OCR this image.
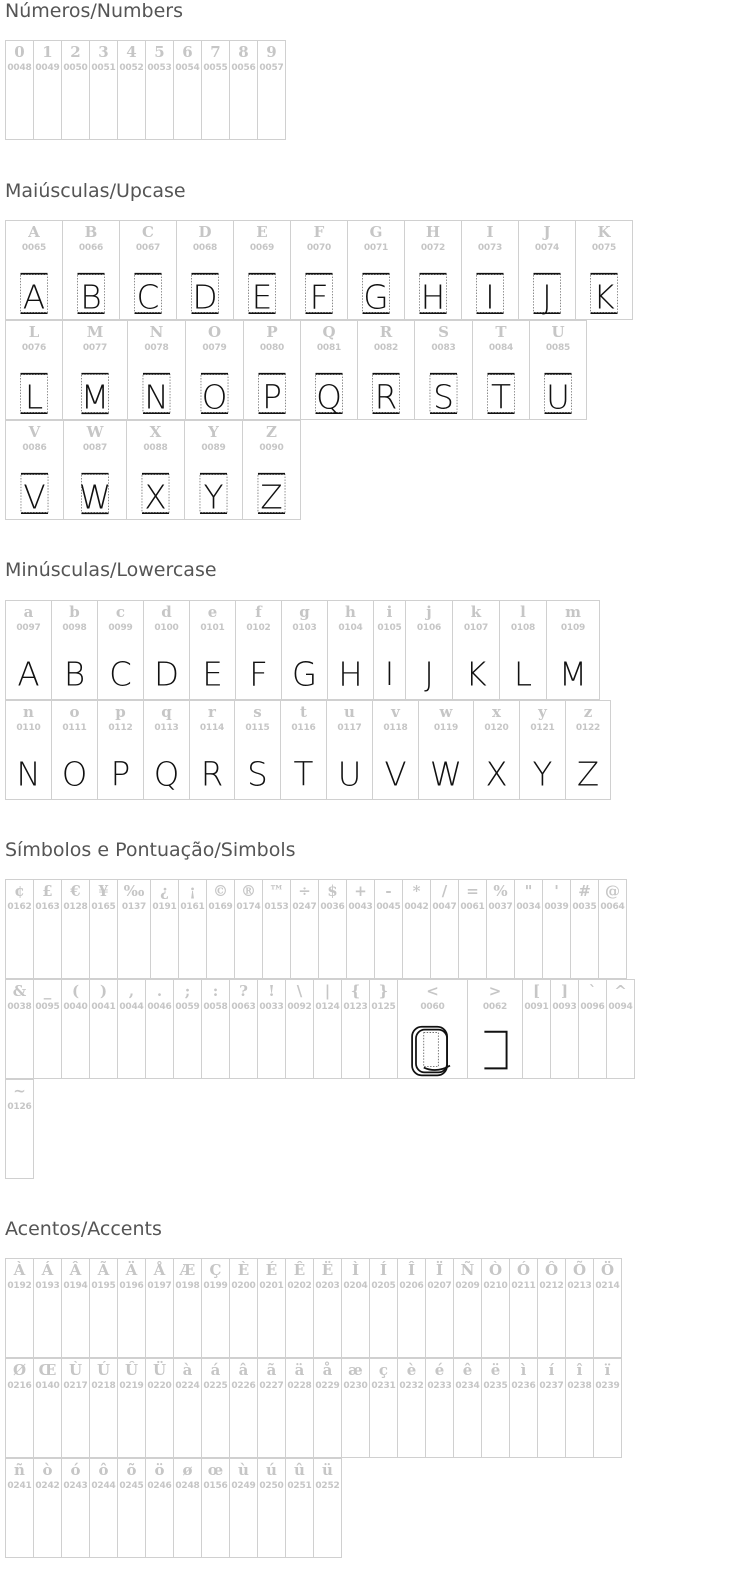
Números/Numbers
0
0048
1
0049
2
0050
3
0051
4
0052
5
0053
6
0054
7
0055
8
0056
9
0057
Maiúsculas/Upcase
A
0065
A
B
0066
B
C
0067
C
D
0068
D
E
0069
E
F
0070
F
G
0071
G
H
0072
H
I
0073
I
J
0074
J
K
0075
K
L
0076
L
M
0077
M
N
0078
N
O
0079
O
P
0080
P
Q
0081
Q
R
0082
R
S
0083
S
T
0084
T
U
0085
U
V
0086
V
W
0087
W
X
0088
X
Y
0089
Y
Z
0090
Z
Minúsculas/Lowercase
a
0097
A
b
0098
B
c
0099
C
d
0100
D
e
0101
E
f
0102
F
g
0103
G
h
0104
H
i
0105
I
j
0106
J
k
0107
K
l
0108
L
m
0109
M
n
0110
N
o
0111
O
p
0112
P
q
0113
Q
r
0114
R
s
0115
S
t
0116
T
u
0117
U
v
0118
V
w
0119
W
x
0120
X
y
0121
Y
z
0122
Z
Símbolos e Pontuação/Simbols
¢
0162
£
0163
€
0128
¥
0165
‰
0137
¿
0191
¡
0161
©
0169
®
0174
™
0153
÷
0247
$
0036
+
0043
-
0045
*
0042
/
0047
=
0061
%
0037
"
0034
'
0039
#
0035
@
0064
&
0038
_
0095
(
0040
)
0041
,
0044
.
0046
;
0059
:
0058
?
0063
!
0033
\
0092
|
0124
{
0123
}
0125
<
0060
>
0062
[
0091
]
0093
`
0096
^
0094
~
0126
Acentos/Accents
À
0192
Á
0193
Â
0194
Ã
0195
Ä
0196
Å
0197
Æ
0198
Ç
0199
È
0200
É
0201
Ê
0202
Ë
0203
Ì
0204
Í
0205
Î
0206
Ï
0207
Ñ
0209
Ò
0210
Ó
0211
Ô
0212
Õ
0213
Ö
0214
Ø
0216
Œ
0140
Ù
0217
Ú
0218
Û
0219
Ü
0220
à
0224
á
0225
â
0226
ã
0227
ä
0228
å
0229
æ
0230
ç
0231
è
0232
é
0233
ê
0234
ë
0235
ì
0236
í
0237
î
0238
ï
0239
ñ
0241
ò
0242
ó
0243
ô
0244
õ
0245
ö
0246
ø
0248
œ
0156
ù
0249
ú
0250
û
0251
ü
0252
